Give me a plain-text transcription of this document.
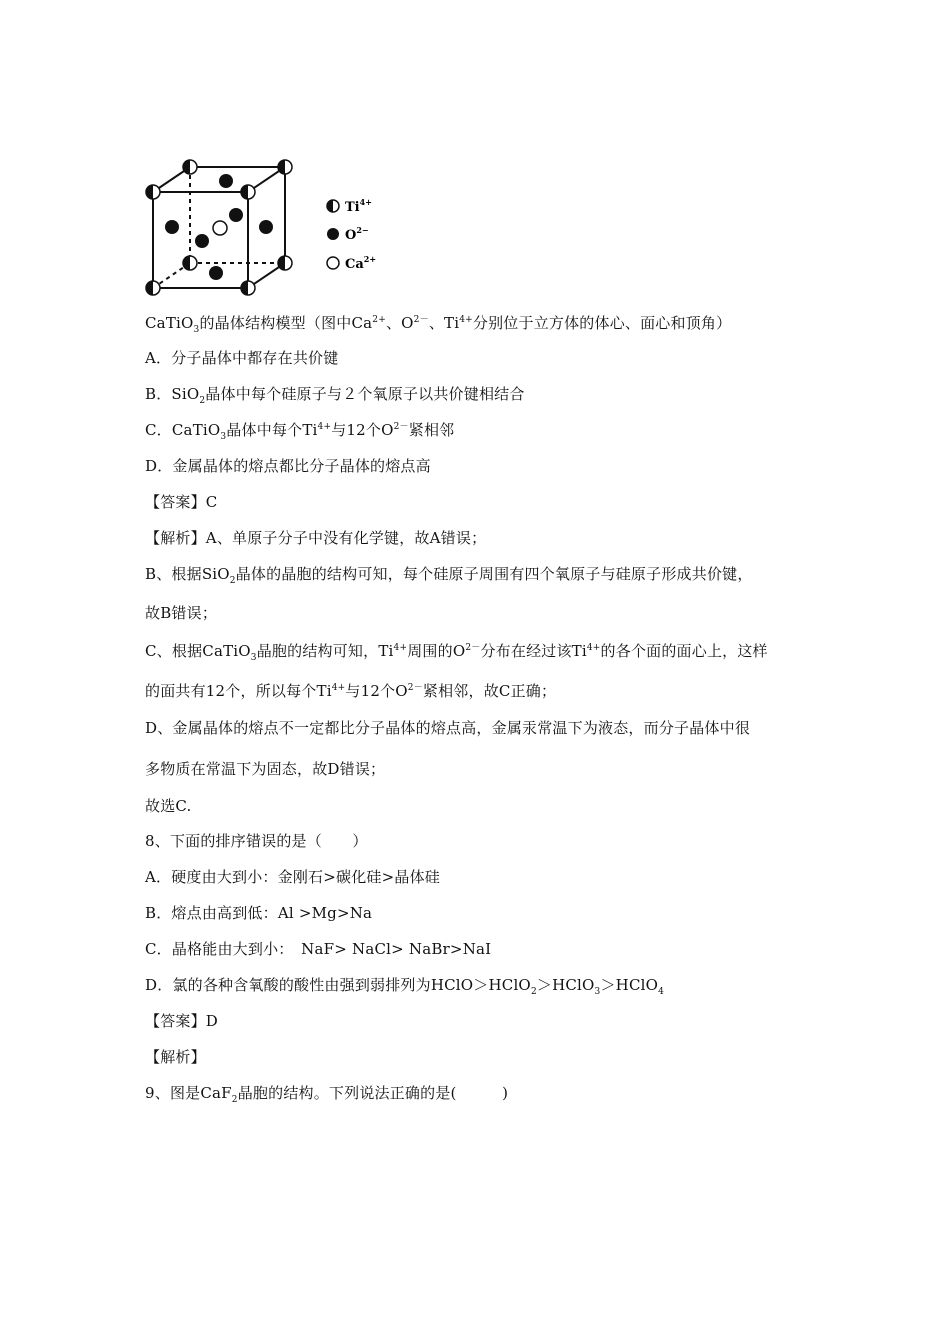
$Ti^{4+}$
$O^{2-}$
$Ca^{2+}$
CaTiO$_3$的晶体结构模型（图中$Ca^{2+}$、$O^{2-}$、$Ti^{4+}$分别位于立方体的体心、面心和顶角）
A．分子晶体中都存在共价键
B．SiO$_2$晶体中每个硅原子与２个氧原子以共价键相结合
C．CaTiO$_3$晶体中每个$Ti^{4+}$与12个$O^{2-}$紧相邻
D．金属晶体的熔点都比分子晶体的熔点高
【答案】C
【解析】A、单原子分子中没有化学键，故A错误；
B、根据SiO$_2$晶体的晶胞的结构可知，每个硅原子周围有四个氧原子与硅原子形成共价键，
故B错误；
C、根据CaTiO$_3$晶胞的结构可知，$Ti^{4+}$周围的$O^{2-}$分布在经过该$Ti^{4+}$的各个面的面心上，这样
的面共有12个，所以每个$Ti^{4+}$与12个$O^{2-}$紧相邻，故C正确；
D、金属晶体的熔点不一定都比分子晶体的熔点高，金属汞常温下为液态，而分子晶体中很
多物质在常温下为固态，故D错误；
故选C.
8、下面的排序错误的是（　　）
A．硬度由大到小：金刚石>碳化硅>晶体硅
B．熔点由高到低：Al >Mg>Na
C．晶格能由大到小：　NaF> NaCl> NaBr>NaI
D．氯的各种含氧酸的酸性由强到弱排列为HClO＞HClO$_2$＞HClO$_3$＞HClO$_4$
【答案】D
【解析】
9、图是CaF$_2$晶胞的结构。下列说法正确的是(　　　)
